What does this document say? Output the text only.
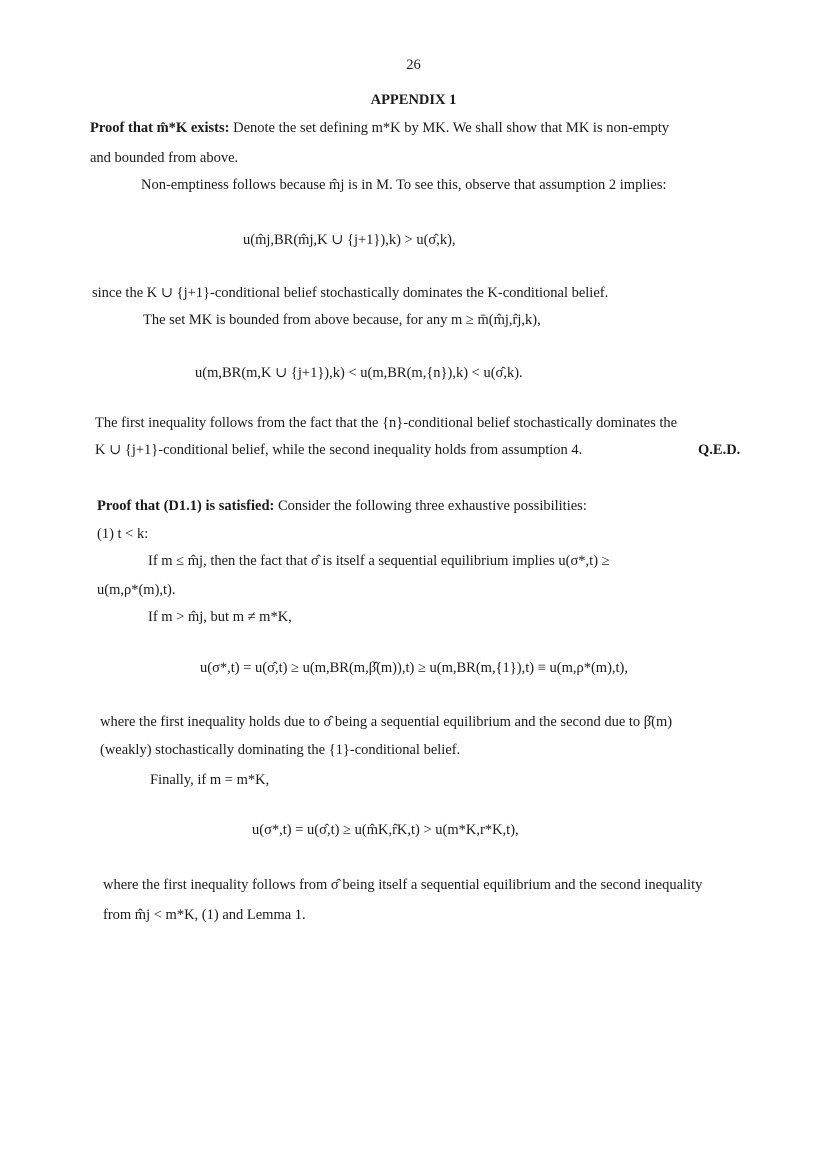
26
APPENDIX 1
Proof that m̂*K exists: Denote the set defining m*K by MK. We shall show that MK is non-empty
and bounded from above.
Non-emptiness follows because m̂j is in M. To see this, observe that assumption 2 implies:
u(m̂j,BR(m̂j,K ∪ {j+1}),k) > u(σ̂,k),
since the K ∪ {j+1}-conditional belief stochastically dominates the K-conditional belief.
The set MK is bounded from above because, for any m ≥ m̄(m̂j,r̂j,k),
u(m,BR(m,K ∪ {j+1}),k) < u(m,BR(m,{n}),k) < u(σ̂,k).
The first inequality follows from the fact that the {n}-conditional belief stochastically dominates the
K ∪ {j+1}-conditional belief, while the second inequality holds from assumption 4.	Q.E.D.
Proof that (D1.1) is satisfied: Consider the following three exhaustive possibilities:
(1) t < k:
If m ≤ m̂j, then the fact that σ̂ is itself a sequential equilibrium implies u(σ*,t) ≥
u(m,ρ*(m),t).
If m > m̂j, but m ≠ m*K,
u(σ*,t) = u(σ̂,t) ≥ u(m,BR(m,β̂(m)),t) ≥ u(m,BR(m,{1}),t) ≡ u(m,ρ*(m),t),
where the first inequality holds due to σ̂ being a sequential equilibrium and the second due to β̂(m)
(weakly) stochastically dominating the {1}-conditional belief.
Finally, if m = m*K,
u(σ*,t) = u(σ̂,t) ≥ u(m̂K,r̂K,t) > u(m*K,r*K,t),
where the first inequality follows from σ̂ being itself a sequential equilibrium and the second inequality
from m̂j < m*K, (1) and Lemma 1.
